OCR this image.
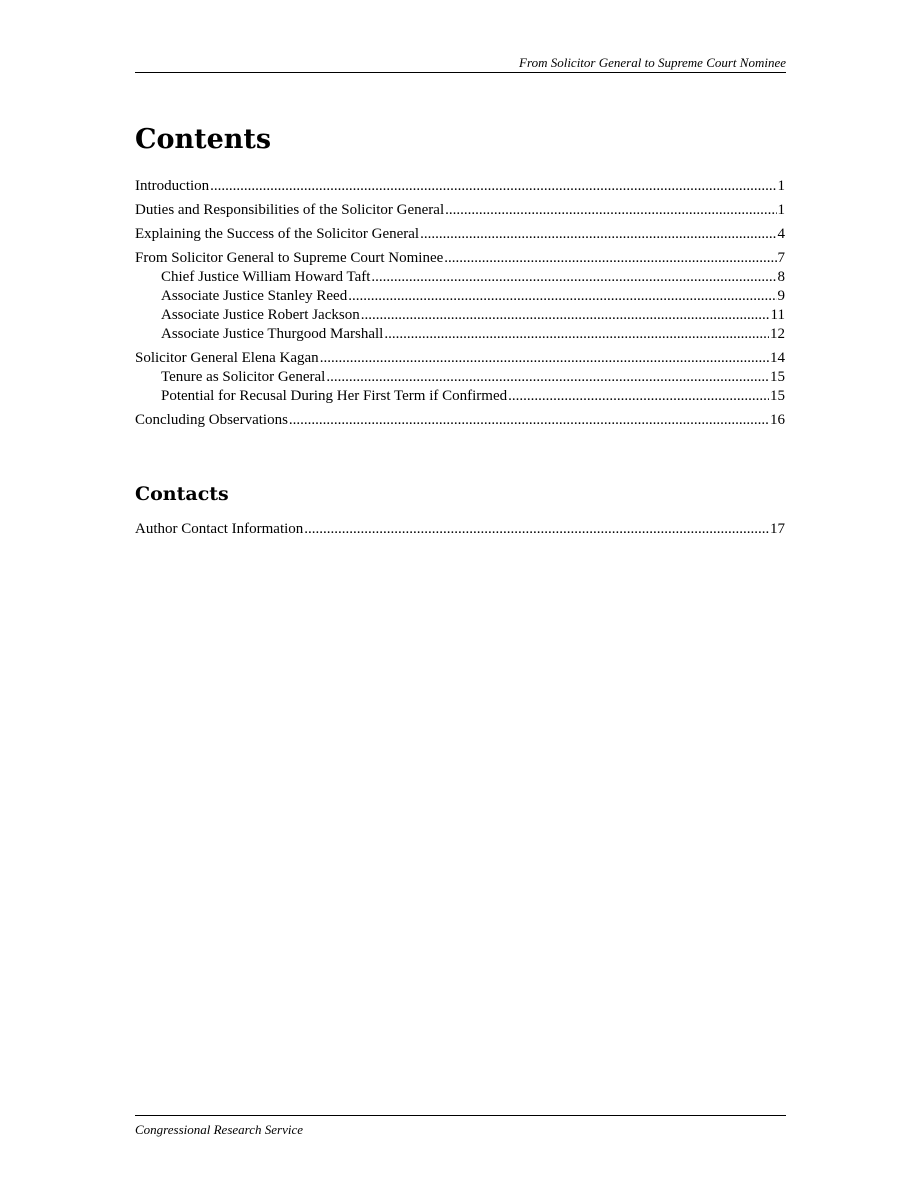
From Solicitor General to Supreme Court Nominee
Contents
Introduction .....	1
Duties and Responsibilities of the Solicitor General .....	1
Explaining the Success of the Solicitor General .....	4
From Solicitor General to Supreme Court Nominee .....	7
Chief Justice William Howard Taft .....	8
Associate Justice Stanley Reed .....	9
Associate Justice Robert Jackson .....	11
Associate Justice Thurgood Marshall .....	12
Solicitor General Elena Kagan .....	14
Tenure as Solicitor General .....	15
Potential for Recusal During Her First Term if Confirmed .....	15
Concluding Observations .....	16
Contacts
Author Contact Information .....	17
Congressional Research Service
